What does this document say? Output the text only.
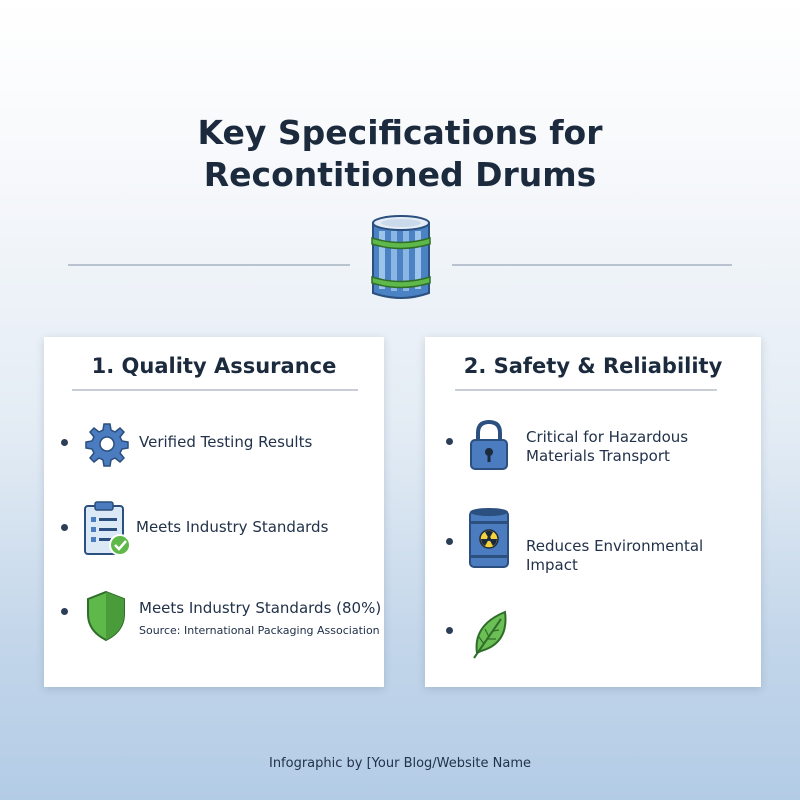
Key Specifications for
Recontitioned Drums
1. Quality Assurance
Verified Testing Results
Meets Industry Standards
Meets Industry Standards (80%)
Source: International Packaging Association
2. Safety & Reliability
Critical for Hazardous
Materials Transport
Reduces Environmental
Impact
Infographic by [Your Blog/Website Name
